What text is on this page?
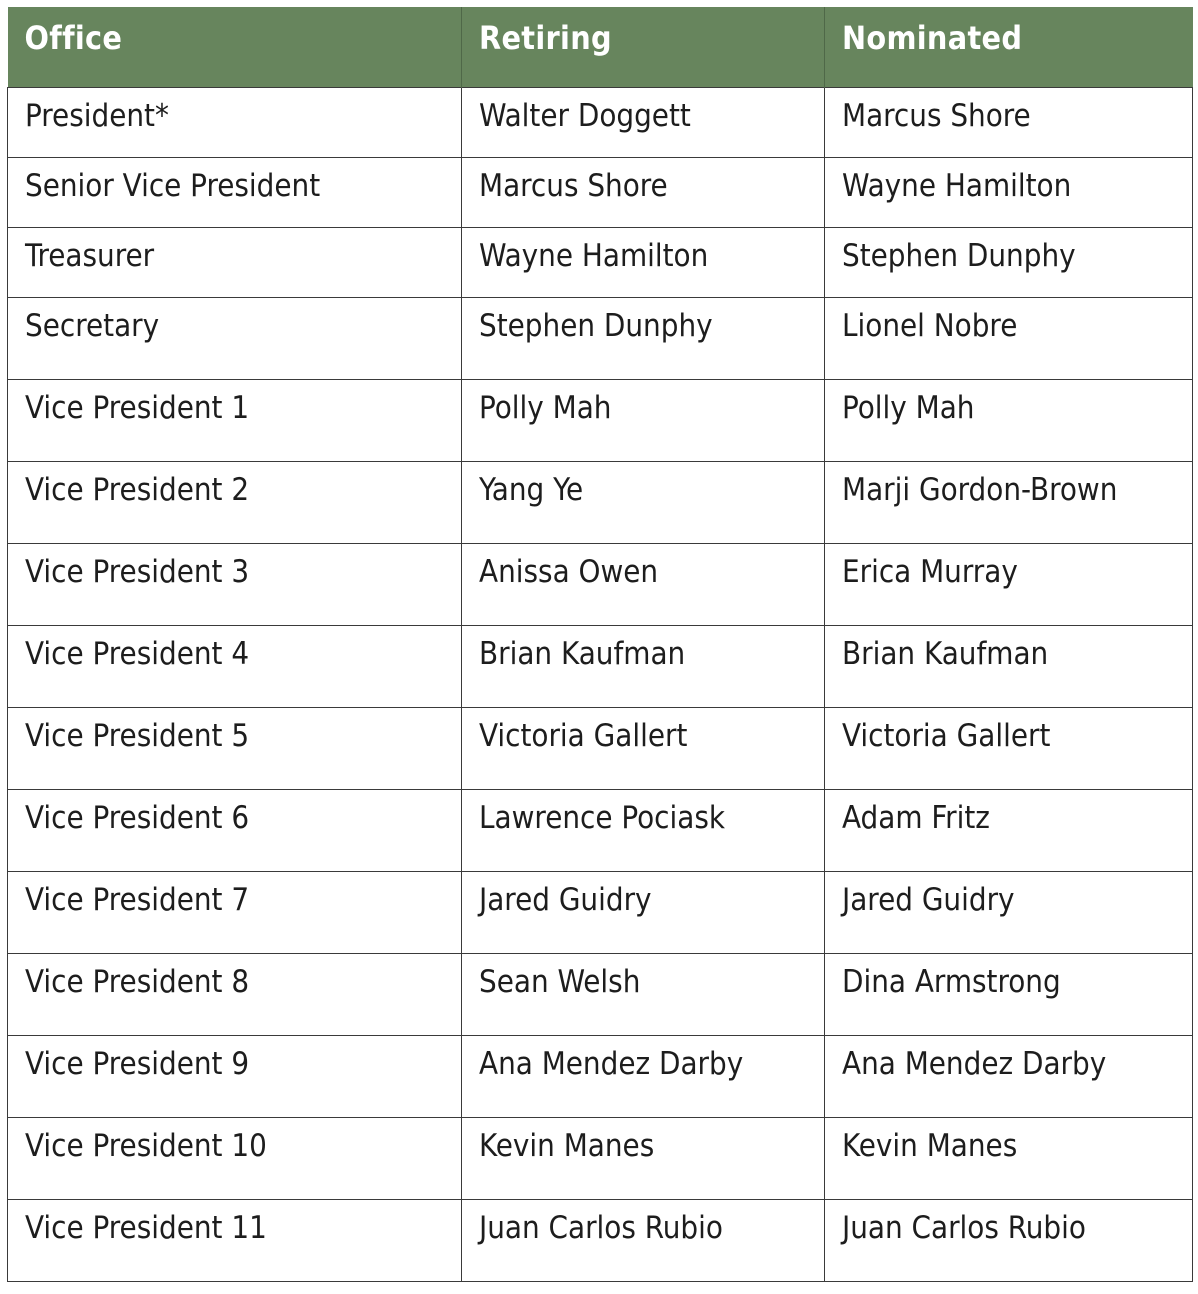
Office	Retiring	Nominated
President*	Walter Doggett	Marcus Shore
Senior Vice President	Marcus Shore	Wayne Hamilton
Treasurer	Wayne Hamilton	Stephen Dunphy
Secretary	Stephen Dunphy	Lionel Nobre
Vice President 1	Polly Mah	Polly Mah
Vice President 2	Yang Ye	Marji Gordon-Brown
Vice President 3	Anissa Owen	Erica Murray
Vice President 4	Brian Kaufman	Brian Kaufman
Vice President 5	Victoria Gallert	Victoria Gallert
Vice President 6	Lawrence Pociask	Adam Fritz
Vice President 7	Jared Guidry	Jared Guidry
Vice President 8	Sean Welsh	Dina Armstrong
Vice President 9	Ana Mendez Darby	Ana Mendez Darby
Vice President 10	Kevin Manes	Kevin Manes
Vice President 11	Juan Carlos Rubio	Juan Carlos Rubio
